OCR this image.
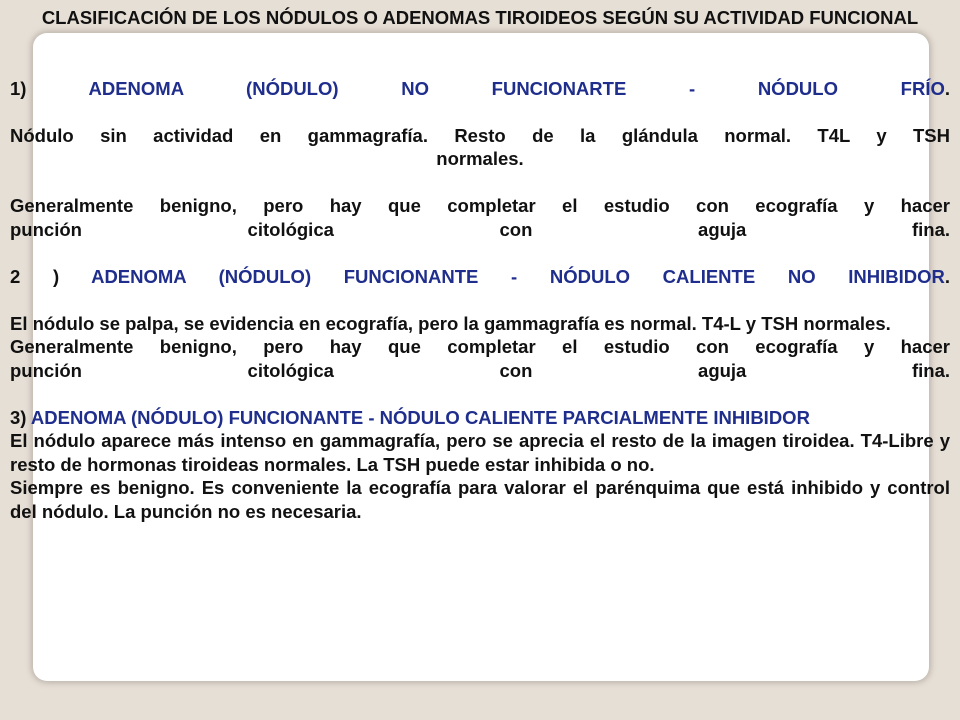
CLASIFICACIÓN DE LOS NÓDULOS O ADENOMAS TIROIDEOS SEGÚN SU ACTIVIDAD FUNCIONAL

1)	ADENOMA (NÓDULO) NO FUNCIONARTE - NÓDULO FRÍO.

Nódulo sin actividad en gammagrafía. Resto de la glándula normal. T4L y TSH

normales.

Generalmente benigno, pero hay que completar el estudio con ecografía y hacer

punción citológica con aguja fina.

2 ) ADENOMA (NÓDULO) FUNCIONANTE - NÓDULO CALIENTE NO INHIBIDOR.

El nódulo se palpa, se evidencia en ecografía, pero la gammagrafía es normal. T4-L y TSH normales.

Generalmente benigno, pero hay que completar el estudio con ecografía y hacer

punción citológica con aguja fina.

3) ADENOMA (NÓDULO) FUNCIONANTE - NÓDULO CALIENTE PARCIALMENTE INHIBIDOR

El nódulo aparece más intenso en gammagrafía, pero se aprecia el resto de la imagen tiroidea. T4-Libre y resto de hormonas tiroideas normales. La TSH puede estar inhibida o no.

Siempre es benigno. Es conveniente la ecografía para valorar el parénquima que está inhibido y control del nódulo. La punción no es necesaria.
